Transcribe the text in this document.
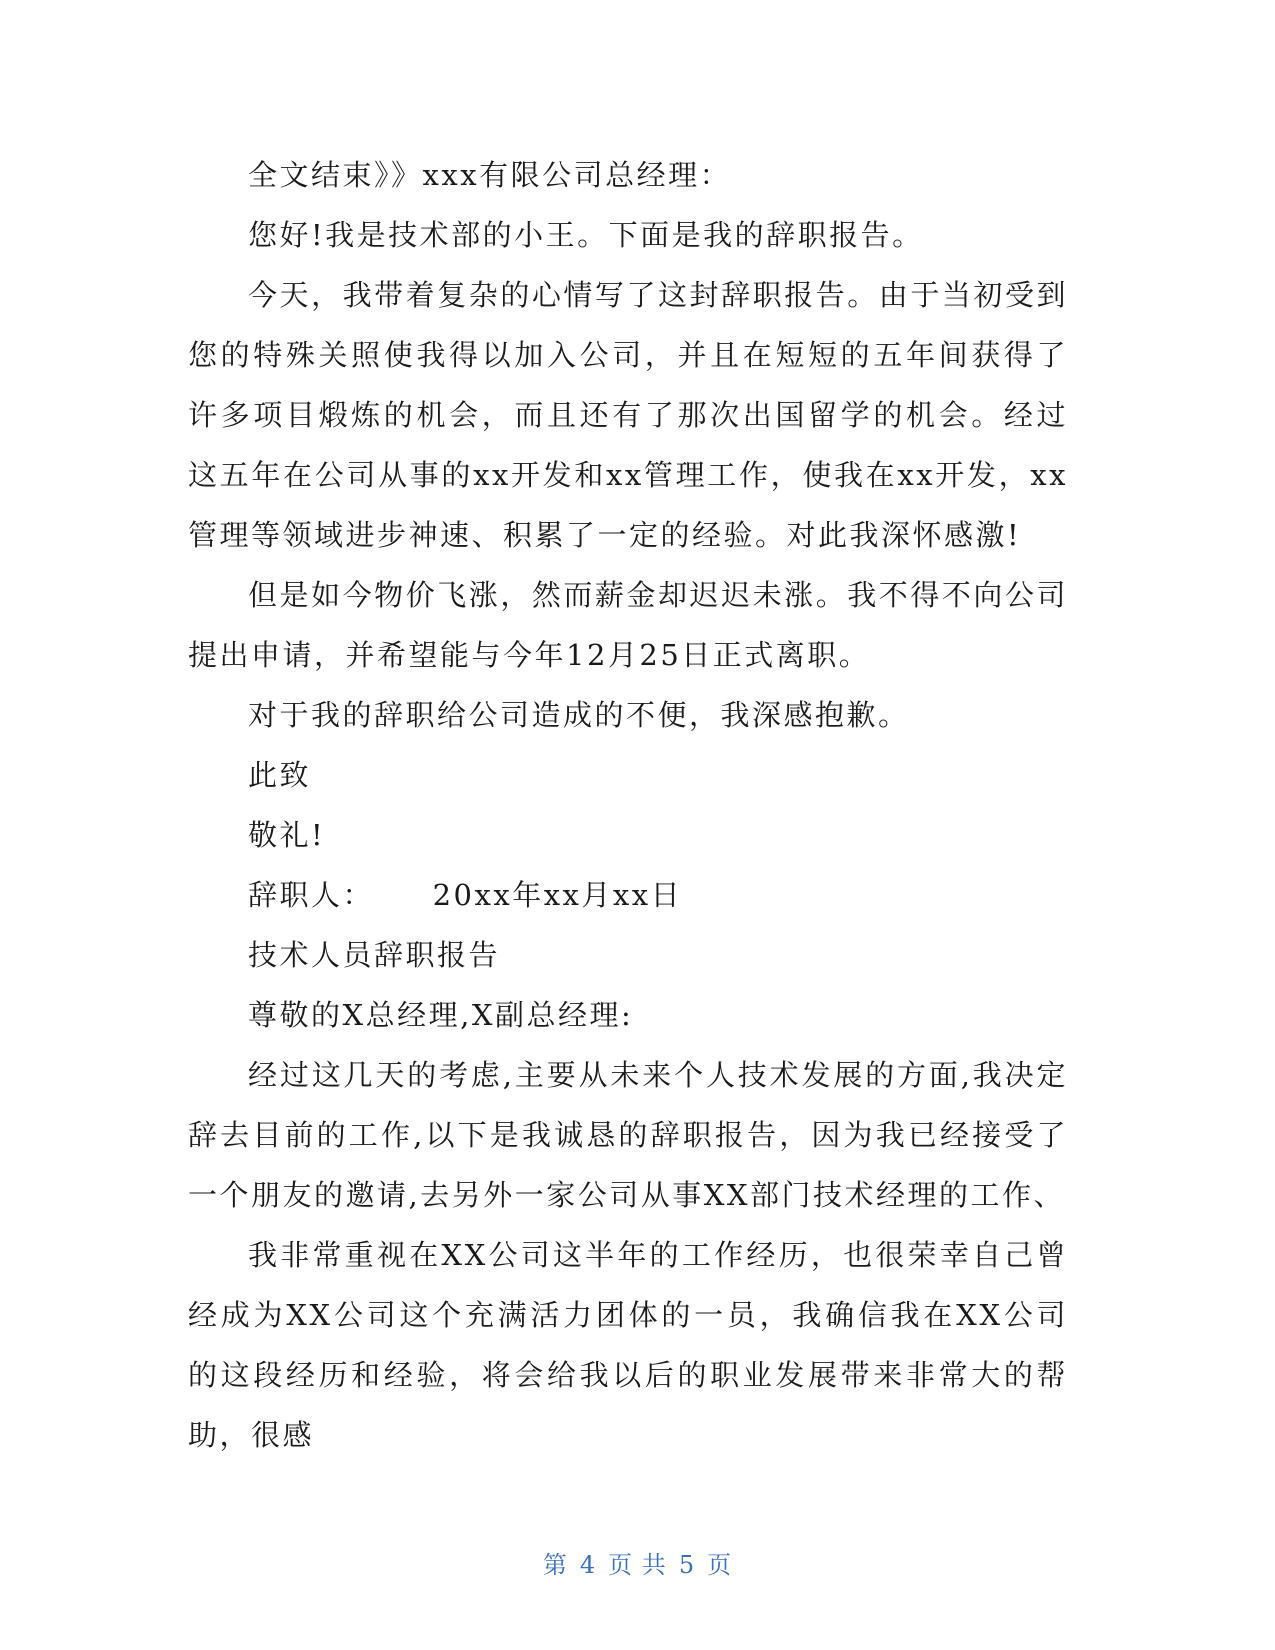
全文结束》》xxx有限公司总经理：

您好!我是技术部的小王。下面是我的辞职报告。

今天，我带着复杂的心情写了这封辞职报告。由于当初受到您的特殊关照使我得以加入公司，并且在短短的五年间获得了许多项目煅炼的机会，而且还有了那次出国留学的机会。经过这五年在公司从事的xx开发和xx管理工作，使我在xx开发，xx管理等领域进步神速、积累了一定的经验。对此我深怀感激!

但是如今物价飞涨，然而薪金却迟迟未涨。我不得不向公司提出申请，并希望能与今年12月25日正式离职。

对于我的辞职给公司造成的不便，我深感抱歉。

此致

敬礼!

辞职人：     20xx年xx月xx日

技术人员辞职报告

尊敬的X总经理,X副总经理:

经过这几天的考虑,主要从未来个人技术发展的方面,我决定辞去目前的工作,以下是我诚恳的辞职报告，因为我已经接受了一个朋友的邀请,去另外一家公司从事XX部门技术经理的工作、

我非常重视在XX公司这半年的工作经历，也很荣幸自己曾经成为XX公司这个充满活力团体的一员，我确信我在XX公司的这段经历和经验，将会给我以后的职业发展带来非常大的帮助，很感

第 4 页 共 5 页
